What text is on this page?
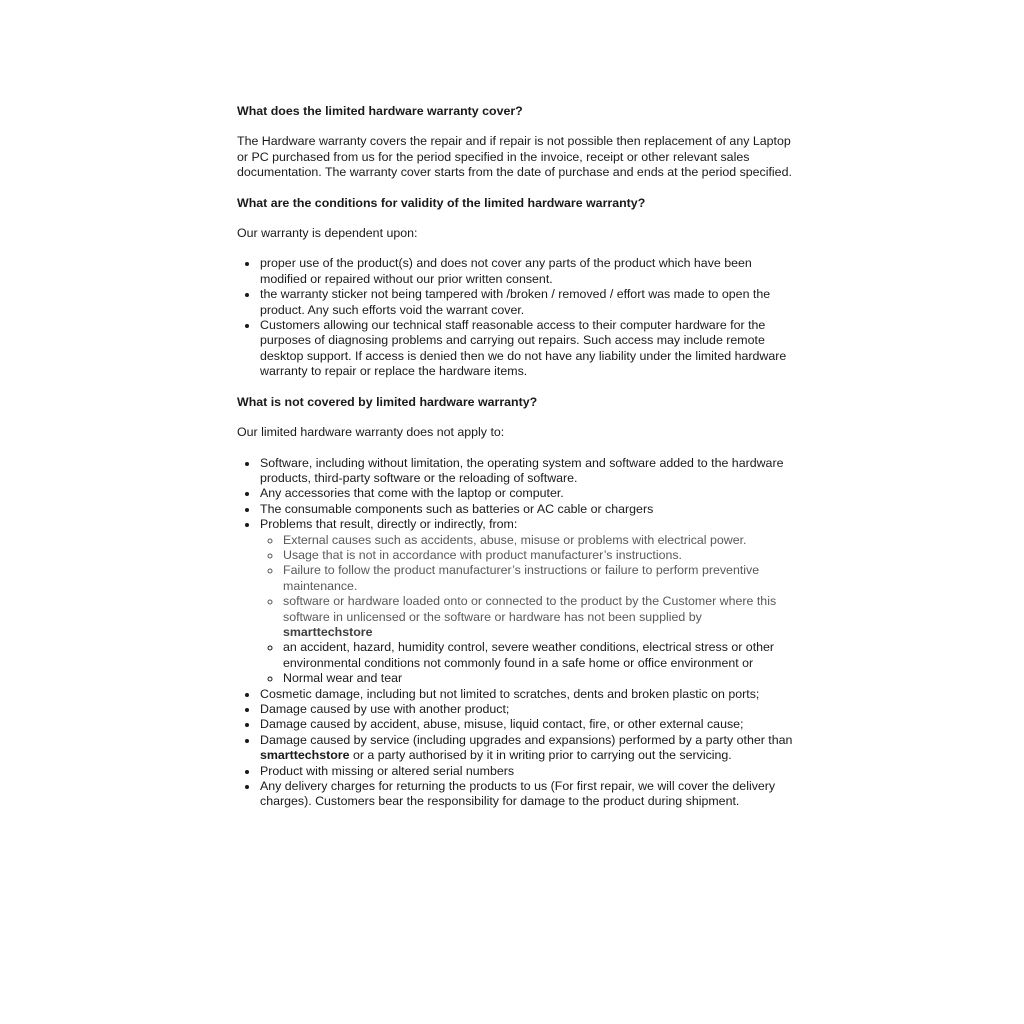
What does the limited hardware warranty cover?

The Hardware warranty covers the repair and if repair is not possible then replacement of any Laptop or PC purchased from us for the period specified in the invoice, receipt or other relevant sales documentation. The warranty cover starts from the date of purchase and ends at the period specified.

What are the conditions for validity of the limited hardware warranty?

Our warranty is dependent upon:

• proper use of the product(s) and does not cover any parts of the product which have been modified or repaired without our prior written consent.
• the warranty sticker not being tampered with /broken / removed / effort was made to open the product. Any such efforts void the warrant cover.
• Customers allowing our technical staff reasonable access to their computer hardware for the purposes of diagnosing problems and carrying out repairs. Such access may include remote desktop support. If access is denied then we do not have any liability under the limited hardware warranty to repair or replace the hardware items.
What is not covered by limited hardware warranty?

Our limited hardware warranty does not apply to:

• Software, including without limitation, the operating system and software added to the hardware products, third-party software or the reloading of software.
• Any accessories that come with the laptop or computer.
• The consumable components such as batteries or AC cable or chargers
• Problems that result, directly or indirectly, from:
◦ External causes such as accidents, abuse, misuse or problems with electrical power.
◦ Usage that is not in accordance with product manufacturer’s instructions.
◦ Failure to follow the product manufacturer’s instructions or failure to perform preventive maintenance.
◦ software or hardware loaded onto or connected to the product by the Customer where this software in unlicensed or the software or hardware has not been supplied by smarttechstore
◦ an accident, hazard, humidity control, severe weather conditions, electrical stress or other environmental conditions not commonly found in a safe home or office environment or
◦ Normal wear and tear
• Cosmetic damage, including but not limited to scratches, dents and broken plastic on ports;
• Damage caused by use with another product;
• Damage caused by accident, abuse, misuse, liquid contact, fire, or other external cause;
• Damage caused by service (including upgrades and expansions) performed by a party other than smarttechstore or a party authorised by it in writing prior to carrying out the servicing.
• Product with missing or altered serial numbers
• Any delivery charges for returning the products to us (For first repair, we will cover the delivery charges). Customers bear the responsibility for damage to the product during shipment.
